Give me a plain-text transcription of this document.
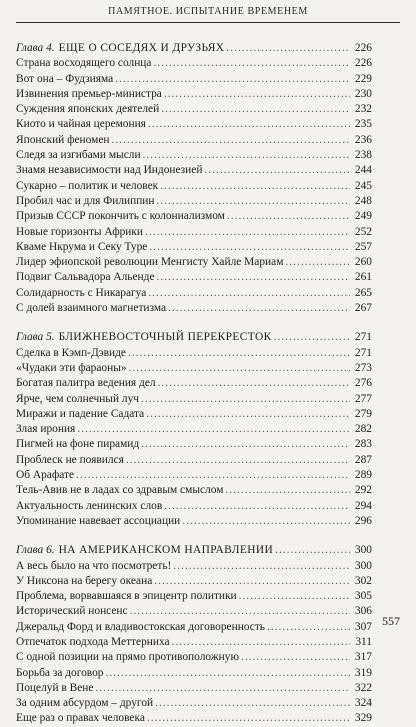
ПАМЯТНОЕ. ИСПЫТАНИЕ ВРЕМЕНЕМ
Глава 4. ЕЩЕ О СОСЕДЯХ И ДРУЗЬЯХ .....	226
Страна восходящего солнца .....	226
Вот она – Фудзияма .....	229
Извинения премьер-министра .....	230
Суждения японских деятелей .....	232
Киото и чайная церемония .....	235
Японский феномен .....	236
Следя за изгибами мысли .....	238
Знамя независимости над Индонезией .....	244
Сукарно – политик и человек .....	245
Пробил час и для Филиппин .....	248
Призыв СССР покончить с колониализмом .....	249
Новые горизонты Африки .....	252
Кваме Нкрума и Секу Туре .....	257
Лидер эфиопской революции Менгисту Хайле Мариам .....	260
Подвиг Сальвадора Альенде .....	261
Солидарность с Никарагуа .....	265
С долей взаимного магнетизма .....	267
Глава 5. БЛИЖНЕВОСТОЧНЫЙ ПЕРЕКРЕСТОК .....	271
Сделка в Кэмп-Дэвиде .....	271
«Чудаки эти фараоны» .....	273
Богатая палитра ведения дел .....	276
Ярче, чем солнечный луч .....	277
Миражи и падение Садата .....	279
Злая ирония .....	282
Пигмей на фоне пирамид .....	283
Проблеск не появился .....	287
Об Арафате .....	289
Тель-Авив не в ладах со здравым смыслом .....	292
Актуальность ленинских слов .....	294
Упоминание навевает ассоциации .....	296
Глава 6. НА АМЕРИКАНСКОМ НАПРАВЛЕНИИ .....	300
А весь было на что посмотреть! .....	300
У Никсона на берегу океана .....	302
Проблема, ворвавшаяся в эпицентр политики .....	305
Исторический нонсенс .....	306
Джеральд Форд и владивостокская договоренность .....	307
Отпечаток подхода Меттерниха .....	311
С одной позиции на прямо противоположную .....	317
Борьба за договор .....	319
Поцелуй в Вене .....	322
За одним абсурдом – другой .....	324
Еще раз о правах человека .....	329
557
